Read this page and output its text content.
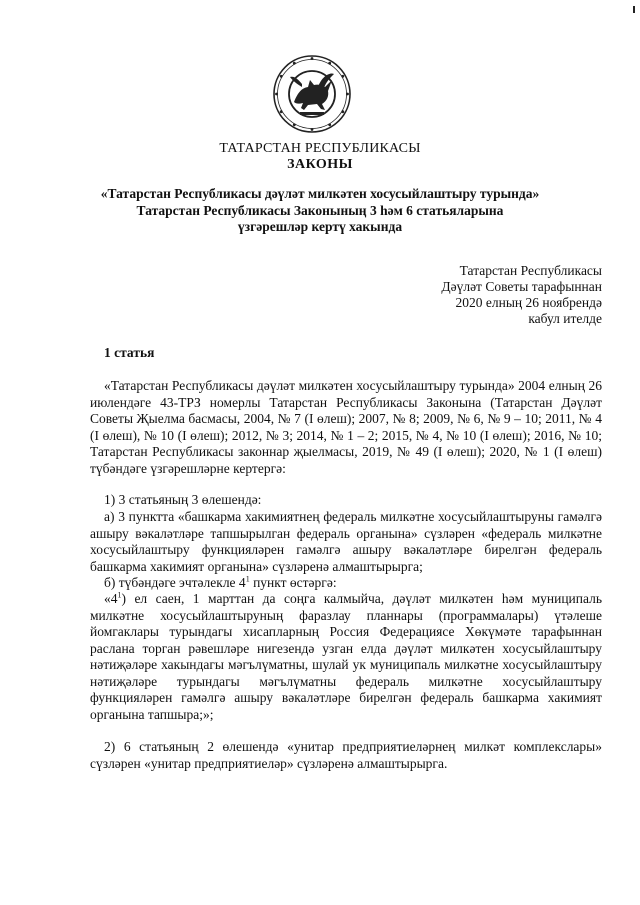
ТАТАРСТАН РЕСПУБЛИКАСЫ
ЗАКОНЫ
«Татарстан Республикасы дәүләт милкәтен хосусыйлаштыру турында»
Татарстан Республикасы Законының 3 һәм 6 статьяларына
үзгәрешләр кертү хакында
Татарстан Республикасы
Дәүләт Советы тарафыннан
2020 елның 26 ноябрендә
кабул ителде
1 статья
«Татарстан Республикасы дәүләт милкәтен хосусыйлаштыру турында» 2004 елның 26 июлендәге 43-ТРЗ номерлы Татарстан Республикасы Законына (Татарстан Дәүләт Советы Җыелма басмасы, 2004, № 7 (I өлеш); 2007, № 8; 2009, № 6, № 9 – 10; 2011, № 4 (I өлеш), № 10 (I өлеш); 2012, № 3; 2014, № 1 – 2; 2015, № 4, № 10 (I өлеш); 2016, № 10; Татарстан Республикасы законнар җыелмасы, 2019, № 49 (I өлеш); 2020, № 1 (I өлеш) түбәндәге үзгәрешләрне кертергә:
1) 3 статьяның 3 өлешендә:
а) 3 пунктта «башкарма хакимиятнең федераль милкәтне хосусыйлаштыруны гамәлгә ашыру вәкаләтләре тапшырылган федераль органына» сүзләрен «федераль милкәтне хосусыйлаштыру функцияләрен гамәлгә ашыру вәкаләтләре бирелгән федераль башкарма хакимият органына» сүзләренә алмаштырырга;
б) түбәндәге эчтәлекле $4^1$ пункт өстәргә:
«$4^1$) ел саен, 1 марттан да соңга калмыйча, дәүләт милкәтен һәм муниципаль милкәтне хосусыйлаштыруның фаразлау планнары (программалары) үтәлеше йомгаклары турындагы хисапларның Россия Федерациясе Хөкүмәте тарафыннан раслана торган рәвешләре нигезендә узган елда дәүләт милкәтен хосусыйлаштыру нәтиҗәләре хакындагы мәгълүматны, шулай ук муниципаль милкәтне хосусыйлаштыру нәтиҗәләре турындагы мәгълүматны федераль милкәтне хосусыйлаштыру функцияләрен гамәлгә ашыру вәкаләтләре бирелгән федераль башкарма хакимият органына тапшыра;»;
2) 6 статьяның 2 өлешендә «унитар предприятиеләрнең милкәт комплекслары» сүзләрен «унитар предприятиеләр» сүзләренә алмаштырырга.
